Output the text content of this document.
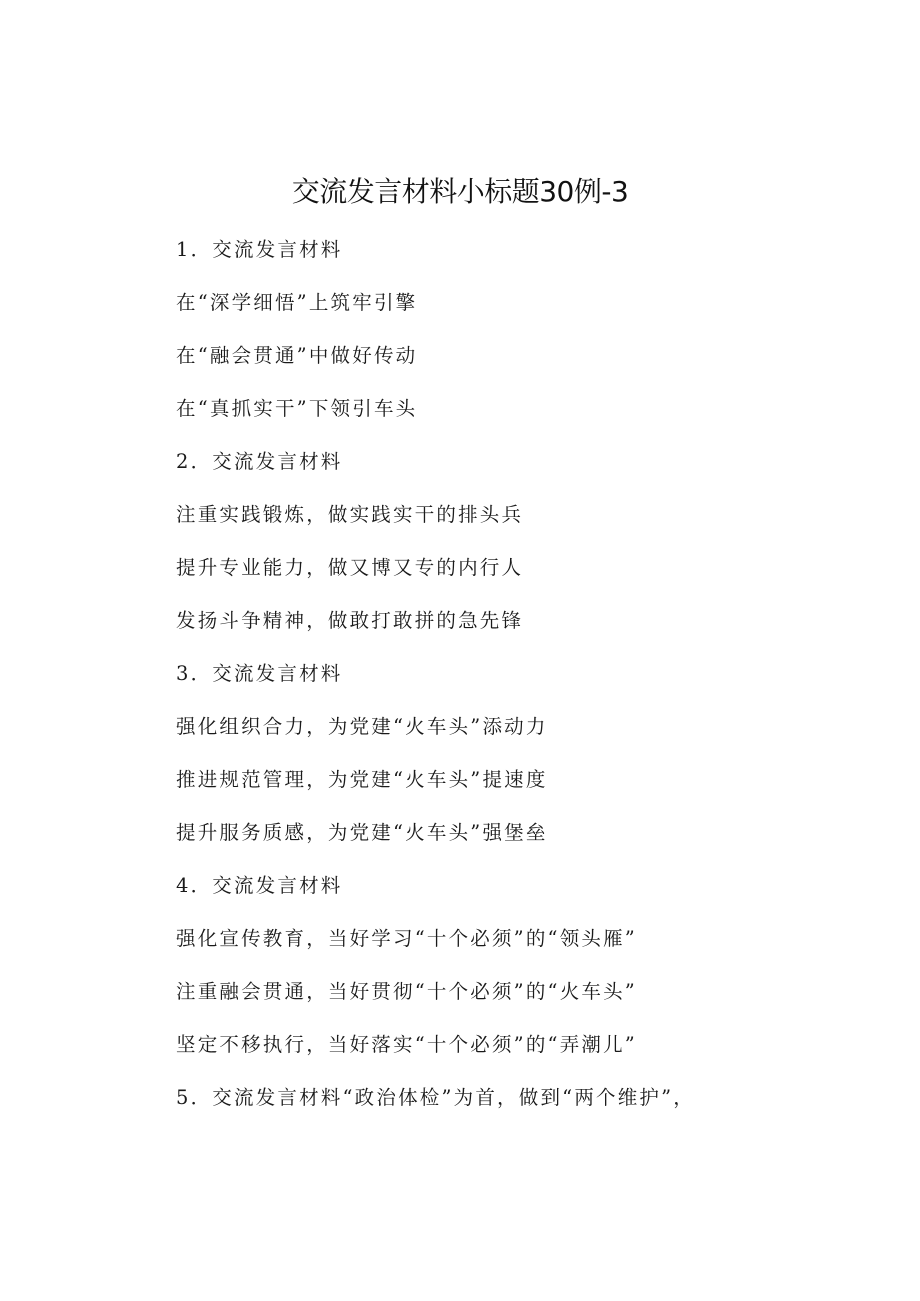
交流发言材料小标题30例-3
1．交流发言材料
在“深学细悟”上筑牢引擎
在“融会贯通”中做好传动
在“真抓实干”下领引车头
2．交流发言材料
注重实践锻炼，做实践实干的排头兵
提升专业能力，做又博又专的内行人
发扬斗争精神，做敢打敢拼的急先锋
3．交流发言材料
强化组织合力，为党建“火车头”添动力
推进规范管理，为党建“火车头”提速度
提升服务质感，为党建“火车头”强堡垒
4．交流发言材料
强化宣传教育，当好学习“十个必须”的“领头雁”
注重融会贯通，当好贯彻“十个必须”的“火车头”
坚定不移执行，当好落实“十个必须”的“弄潮儿”
5．交流发言材料“政治体检”为首，做到“两个维护”，
